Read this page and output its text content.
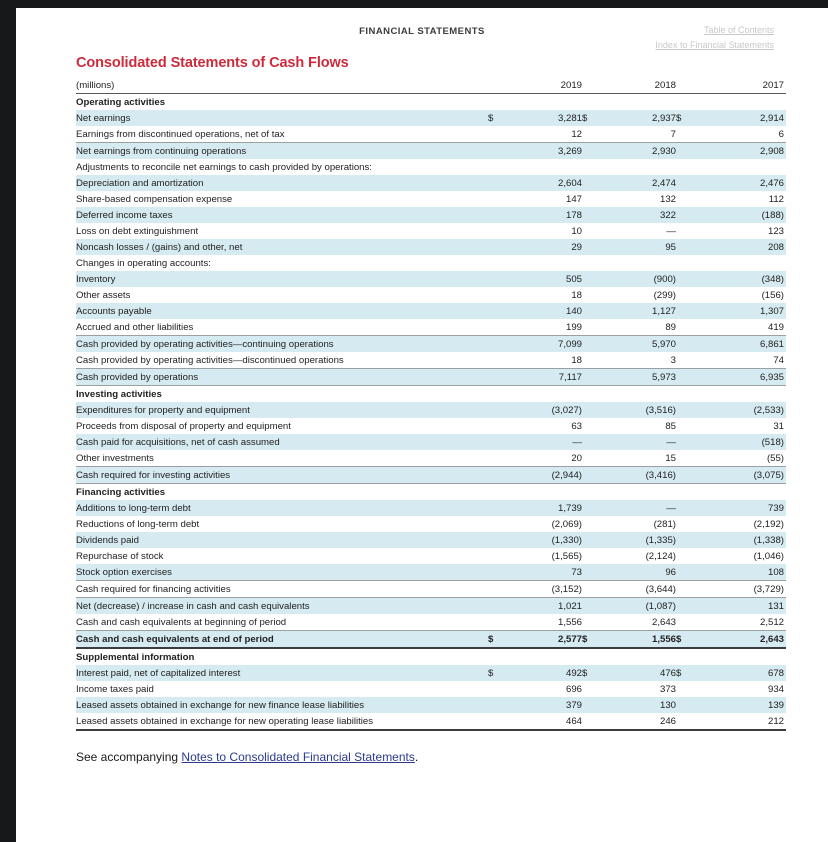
FINANCIAL STATEMENTS	Table of Contents
Index to Financial Statements
Consolidated Statements of Cash Flows
(millions)		2019		2018		2017
Operating activities						
Net earnings	$	3,281	$	2,937	$	2,914
Earnings from discontinued operations, net of tax		12		7		6
Net earnings from continuing operations		3,269		2,930		2,908
Adjustments to reconcile net earnings to cash provided by operations:						
Depreciation and amortization		2,604		2,474		2,476
Share-based compensation expense		147		132		112
Deferred income taxes		178		322		(188)
Loss on debt extinguishment		10		—		123
Noncash losses / (gains) and other, net		29		95		208
Changes in operating accounts:						
Inventory		505		(900)		(348)
Other assets		18		(299)		(156)
Accounts payable		140		1,127		1,307
Accrued and other liabilities		199		89		419
Cash provided by operating activities—continuing operations		7,099		5,970		6,861
Cash provided by operating activities—discontinued operations		18		3		74
Cash provided by operations		7,117		5,973		6,935
Investing activities						
Expenditures for property and equipment		(3,027)		(3,516)		(2,533)
Proceeds from disposal of property and equipment		63		85		31
Cash paid for acquisitions, net of cash assumed		—		—		(518)
Other investments		20		15		(55)
Cash required for investing activities		(2,944)		(3,416)		(3,075)
Financing activities						
Additions to long-term debt		1,739		—		739
Reductions of long-term debt		(2,069)		(281)		(2,192)
Dividends paid		(1,330)		(1,335)		(1,338)
Repurchase of stock		(1,565)		(2,124)		(1,046)
Stock option exercises		73		96		108
Cash required for financing activities		(3,152)		(3,644)		(3,729)
Net (decrease) / increase in cash and cash equivalents		1,021		(1,087)		131
Cash and cash equivalents at beginning of period		1,556		2,643		2,512
Cash and cash equivalents at end of period	$	2,577	$	1,556	$	2,643
Supplemental information						
Interest paid, net of capitalized interest	$	492	$	476	$	678
Income taxes paid		696		373		934
Leased assets obtained in exchange for new finance lease liabilities		379		130		139
Leased assets obtained in exchange for new operating lease liabilities		464		246		212
See accompanying Notes to Consolidated Financial Statements.
